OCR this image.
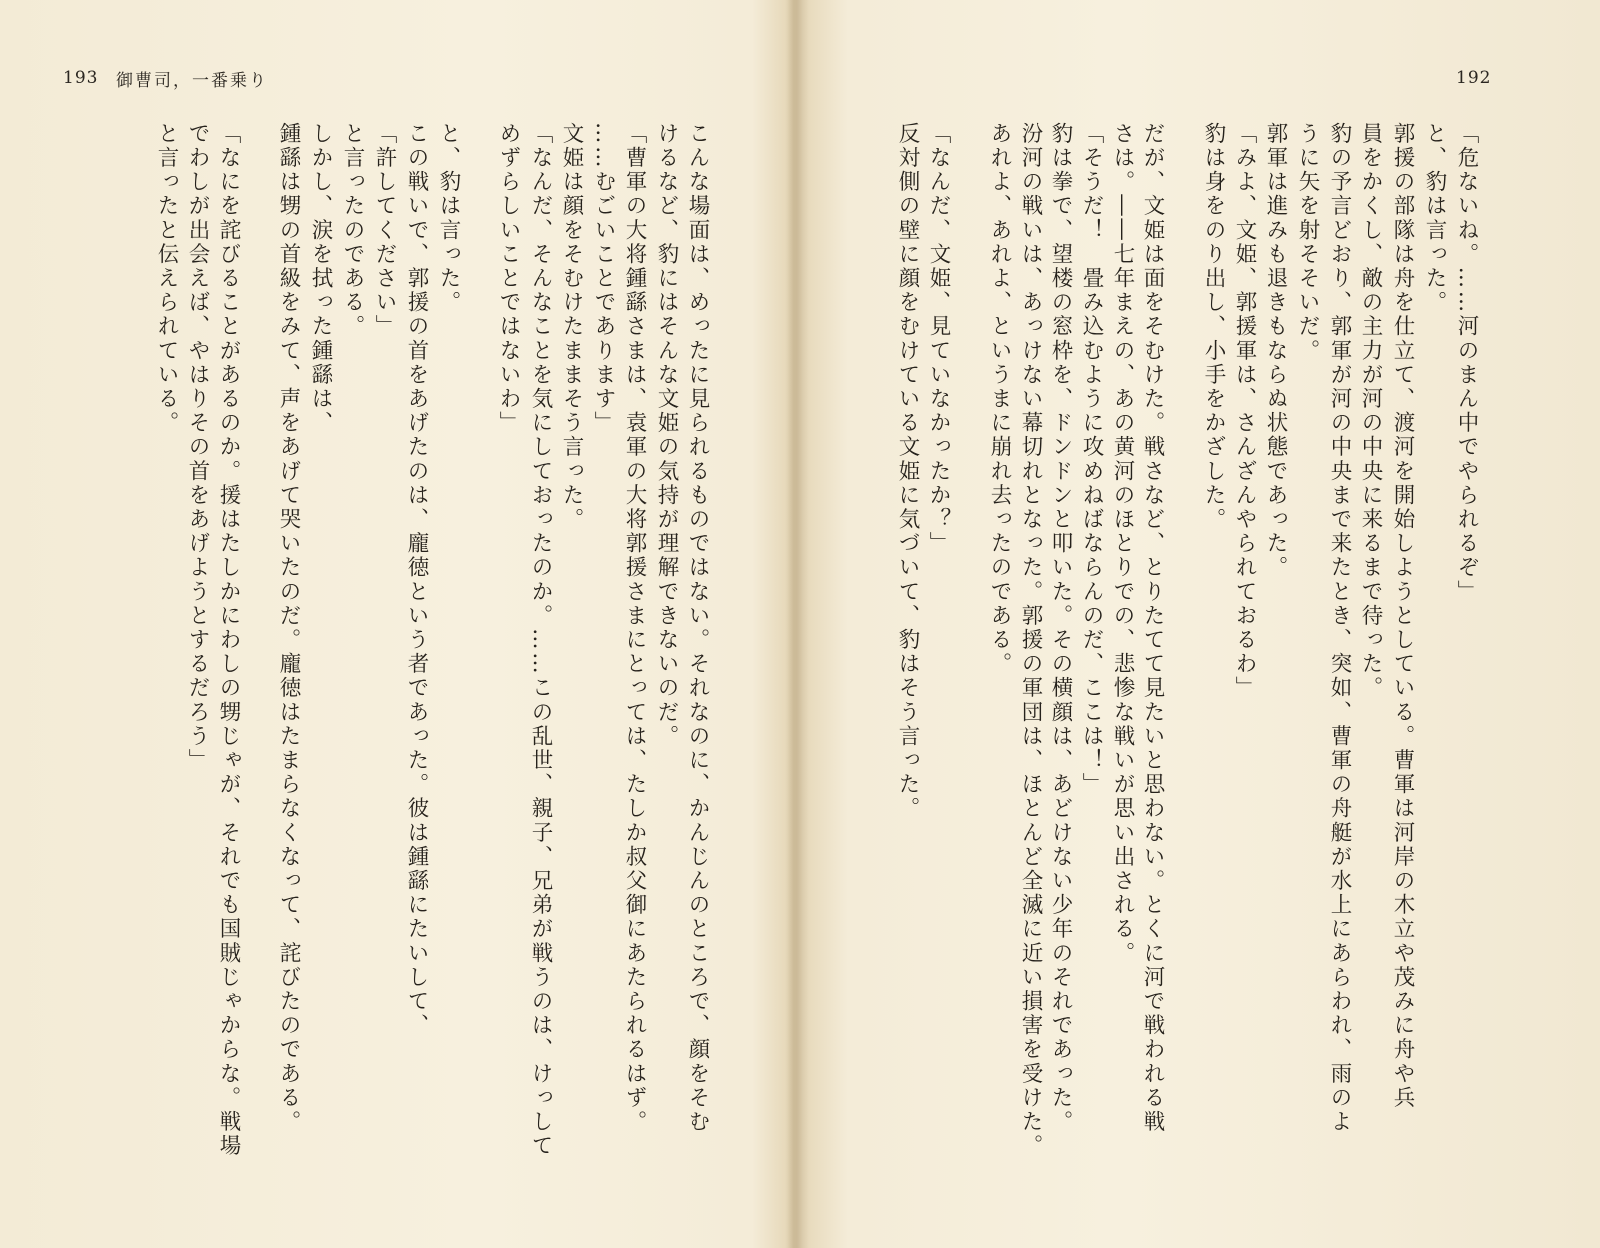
193 御曹司，一番乗り
こんな場面は、めったに見られるものではない。それなのに、かんじんのところで、顔をそむ
けるなど、豹にはそんな文姫の気持が理解できないのだ。
「曹軍の大将鍾繇さまは、袁軍の大将郭援さまにとっては、たしか叔父御にあたられるはず。
……むごいことであります」
文姫は顔をそむけたままそう言った。
「なんだ、そんなことを気にしておったのか。……この乱世、親子、兄弟が戦うのは、けっして
めずらしいことではないわ」
と、豹は言った。
この戦いで、郭援の首をあげたのは、龐徳という者であった。彼は鍾繇にたいして、
「許してください」
と言ったのである。
しかし、涙を拭った鍾繇は、
鍾繇は甥の首級をみて、声をあげて哭いたのだ。龐徳はたまらなくなって、詫びたのである。
「なにを詫びることがあるのか。援はたしかにわしの甥じゃが、それでも国賊じゃからな。戦場
でわしが出会えば、やはりその首をあげようとするだろう」
と言ったと伝えられている。
192
「危ないね。……河のまん中でやられるぞ」
と、豹は言った。
郭援の部隊は舟を仕立て、渡河を開始しようとしている。曹軍は河岸の木立や茂みに舟や兵
員をかくし、敵の主力が河の中央に来るまで待った。
豹の予言どおり、郭軍が河の中央まで来たとき、突如、曹軍の舟艇が水上にあらわれ、雨のよ
うに矢を射そそいだ。
郭軍は進みも退きもならぬ状態であった。
「みよ、文姫、郭援軍は、さんざんやられておるわ」
豹は身をのり出し、小手をかざした。
だが、文姫は面をそむけた。戦さなど、とりたてて見たいと思わない。とくに河で戦われる戦
さは。――七年まえの、あの黄河のほとりでの、悲惨な戦いが思い出される。
「そうだ！　畳み込むように攻めねばならんのだ、ここは！」
豹は拳で、望楼の窓枠を、ドンドンと叩いた。その横顔は、あどけない少年のそれであった。
汾河の戦いは、あっけない幕切れとなった。郭援の軍団は、ほとんど全滅に近い損害を受けた。
あれよ、あれよ、というまに崩れ去ったのである。
「なんだ、文姫、見ていなかったか？」
反対側の壁に顔をむけている文姫に気づいて、豹はそう言った。
